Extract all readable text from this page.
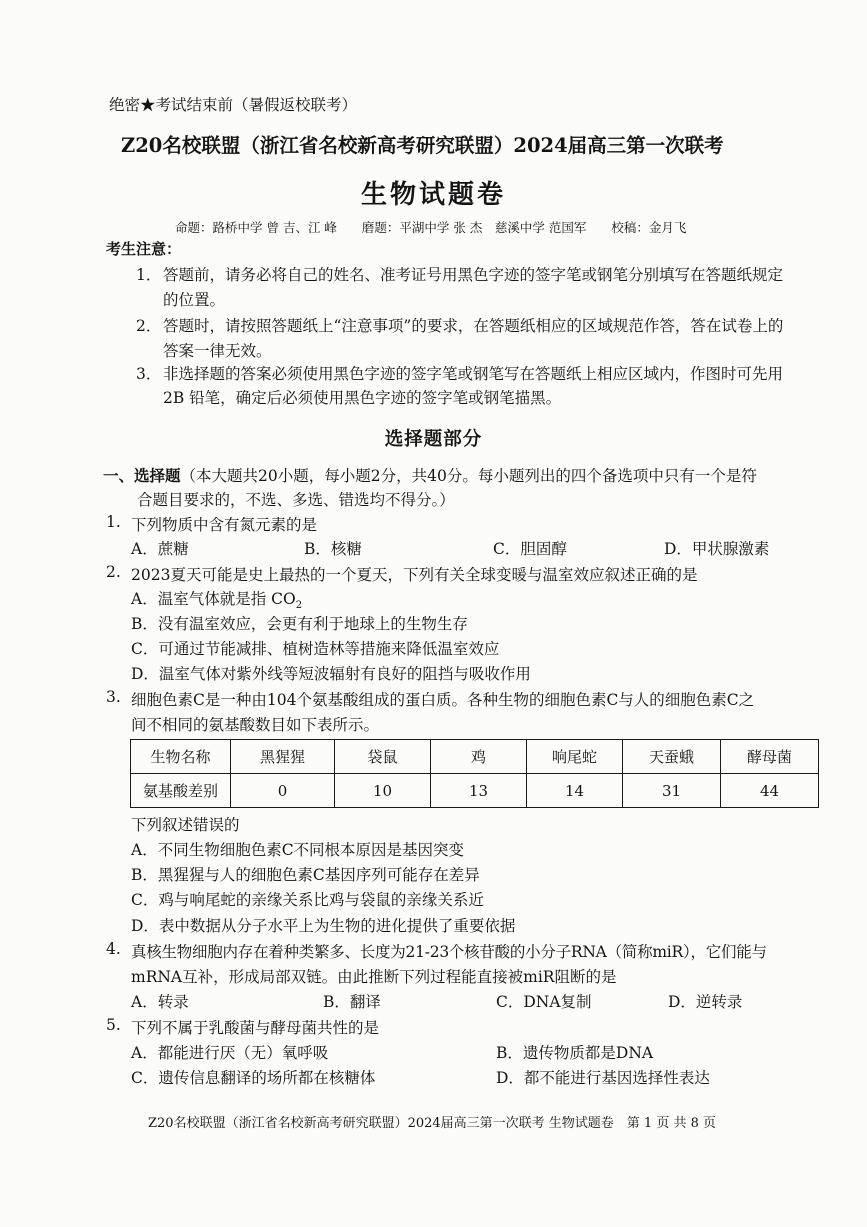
绝密★考试结束前（暑假返校联考）
Z20名校联盟（浙江省名校新高考研究联盟）2024届高三第一次联考
生物试题卷
命题：路桥中学 曾 吉、江 峰　　磨题：平湖中学 张 杰　慈溪中学 范国军　　校稿：金月飞
考生注意：
1． 答题前，请务必将自己的姓名、准考证号用黑色字迹的签字笔或钢笔分别填写在答题纸规定
的位置。
2． 答题时，请按照答题纸上“注意事项”的要求，在答题纸相应的区域规范作答，答在试卷上的
答案一律无效。
3． 非选择题的答案必须使用黑色字迹的签字笔或钢笔写在答题纸上相应区域内，作图时可先用
2B 铅笔，确定后必须使用黑色字迹的签字笔或钢笔描黑。
选择题部分
一、选择题（本大题共20小题，每小题2分，共40分。每小题列出的四个备选项中只有一个是符
合题目要求的，不选、多选、错选均不得分。）
1. 下列物质中含有氮元素的是
A．蔗糖	B．核糖	C．胆固醇	D．甲状腺激素
2. 2023夏天可能是史上最热的一个夏天，下列有关全球变暖与温室效应叙述正确的是
A．温室气体就是指 $CO_2$
B．没有温室效应，会更有利于地球上的生物生存
C．可通过节能减排、植树造林等措施来降低温室效应
D．温室气体对紫外线等短波辐射有良好的阻挡与吸收作用
3. 细胞色素C是一种由104个氨基酸组成的蛋白质。各种生物的细胞色素C与人的细胞色素C之
间不相同的氨基酸数目如下表所示。
生物名称	黑猩猩	袋鼠	鸡	响尾蛇	天蚕蛾	酵母菌
氨基酸差别	0	10	13	14	31	44
下列叙述错误的
A．不同生物细胞色素C不同根本原因是基因突变
B．黑猩猩与人的细胞色素C基因序列可能存在差异
C．鸡与响尾蛇的亲缘关系比鸡与袋鼠的亲缘关系近
D．表中数据从分子水平上为生物的进化提供了重要依据
4. 真核生物细胞内存在着种类繁多、长度为21-23个核苷酸的小分子RNA（简称miR），它们能与
mRNA互补，形成局部双链。由此推断下列过程能直接被miR阻断的是
A．转录	B．翻译	C．DNA复制	D．逆转录
5. 下列不属于乳酸菌与酵母菌共性的是
A．都能进行厌（无）氧呼吸	B．遗传物质都是DNA
C．遗传信息翻译的场所都在核糖体	D．都不能进行基因选择性表达
Z20名校联盟（浙江省名校新高考研究联盟）2024届高三第一次联考 生物试题卷　第 1 页 共 8 页
